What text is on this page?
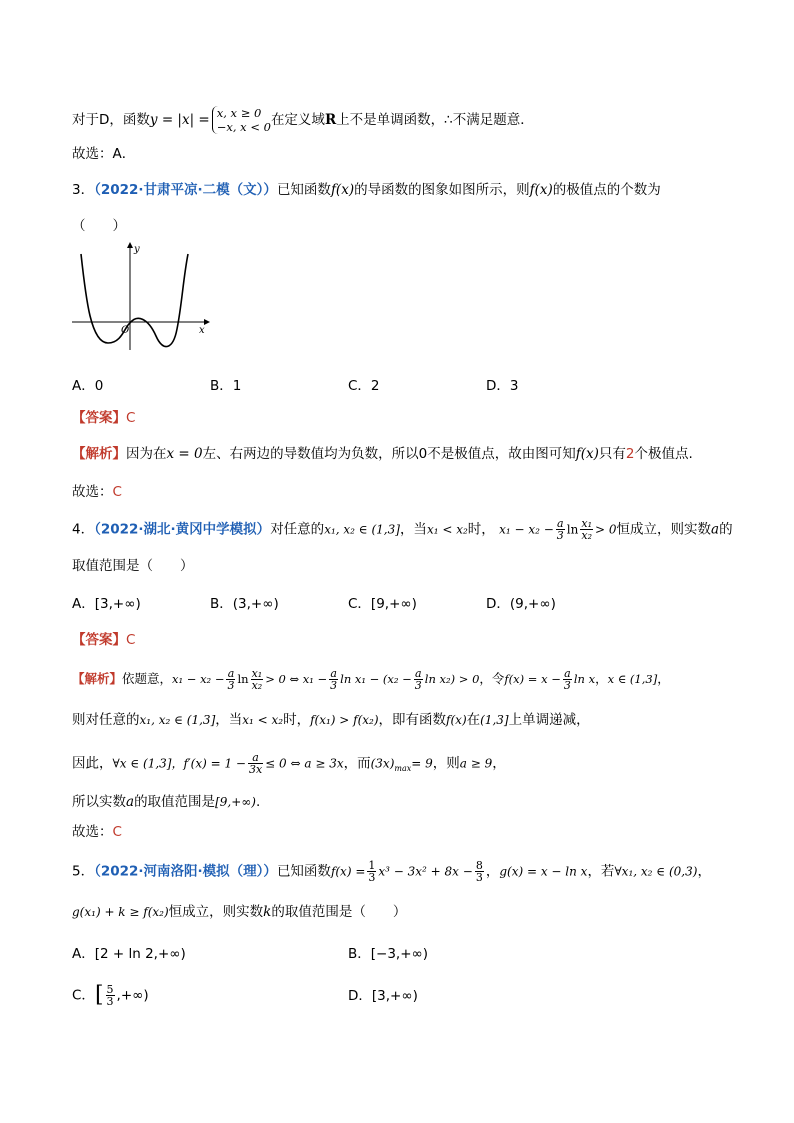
对于D，函数y = |x| = x, x ≥ 0
−x, x < 0 在定义域R上不是单调函数，∴不满足题意．
故选：A．
3．（2022·甘肃平凉·二模（文））已知函数f(x)的导函数的图象如图所示，则f(x)的极值点的个数为
（　　）
y
x
O
A．0	B．1	C．2	D．3
【答案】C
【解析】因为在x = 0左、右两边的导数值均为负数，所以0不是极值点，故由图可知f(x)只有2个极值点.
故选：C
4．（2022·湖北·黄冈中学模拟）对任意的x₁, x₂ ∈ (1,3]，当x₁ < x₂时， $x_1 - x_2 - \frac{a}{3}$ $\ln \frac{\text{x₁}}{\text{x₂}} > 0$恒成立，则实数a的
取值范围是（　　）
A．[3,+∞)	B．(3,+∞)	C．[9,+∞)	D．(9,+∞)
【答案】C
【解析】依题意，$x_1 - x_2 - \frac{a}{3}$ $\ln \frac{\text{x₁}}{\text{x₂}} > 0$ ⇔ $x_1 - \frac{a}{3}$ $\ln x_1 - (x_2 - \frac{a}{3}$ ln x₂) > 0，令$f(x) = x - \frac{a}{3}$ ln x，x ∈ (1,3]，
则对任意的x₁, x₂ ∈ (1,3]，当x₁ < x₂时，f(x₁) > f(x₂)，即有函数f(x)在(1,3]上单调递减，
因此，∀x ∈ (1,3]，$f'(x) = 1 - \frac{a}{3x} \le 0$ ⇔ a ≥ 3x，而$(3x)_{max}= 9$，则a ≥ 9，
所以实数a的取值范围是[9,+∞).
故选：C
5．（2022·河南洛阳·模拟（理））已知函数$f(x) = \frac{1}{3} x^3 - 3x^2 + 8x - \frac{8}{3}$ ，g(x) = x − ln x，若∀x₁, x₂ ∈ (0,3)，
g(x₁) + k ≥ f(x₂)恒成立，则实数k的取值范围是（　　）
A．[2 + ln 2,+∞)	B．[−3,+∞)
C．[ $\frac{5}{3}$ ,+∞)	D．[3,+∞)
